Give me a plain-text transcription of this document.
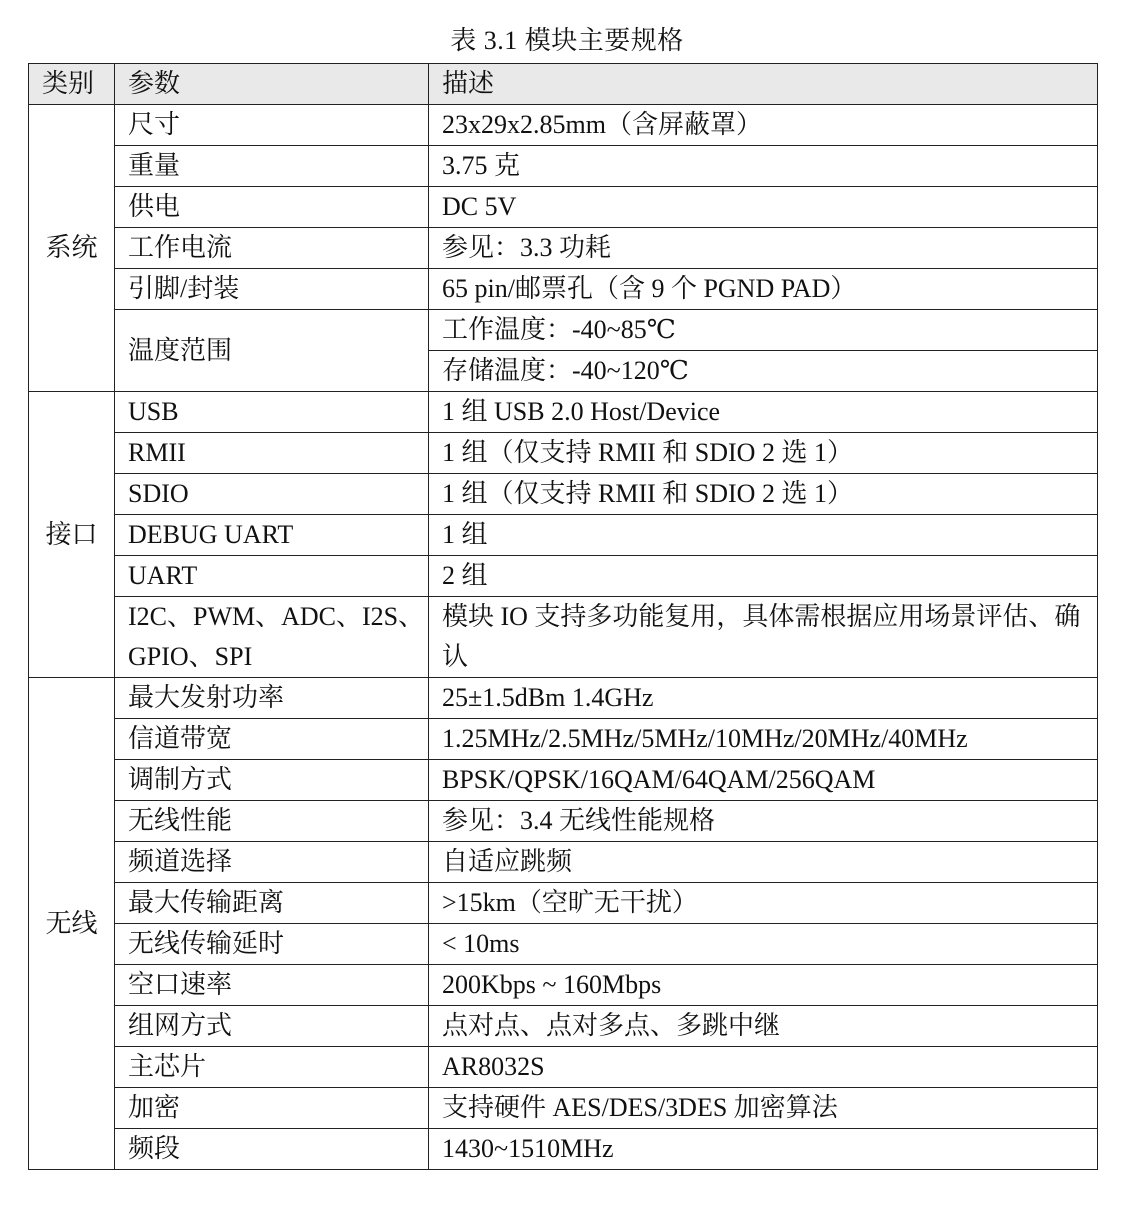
表 3.1 模块主要规格
类别	参数	描述
系统	尺寸	23x29x2.85mm（含屏蔽罩）
	重量	3.75 克
	供电	DC 5V
	工作电流	参见：3.3 功耗
	引脚/封装	65 pin/邮票孔（含 9 个 PGND PAD）
	温度范围	工作温度：-40~85℃
		存储温度：-40~120℃
接口	USB	1 组 USB 2.0 Host/Device
	RMII	1 组（仅支持 RMII 和 SDIO 2 选 1）
	SDIO	1 组（仅支持 RMII 和 SDIO 2 选 1）
	DEBUG UART	1 组
	UART	2 组
	I2C、PWM、ADC、I2S、GPIO、SPI	模块 IO 支持多功能复用，具体需根据应用场景评估、确认
无线	最大发射功率	25±1.5dBm 1.4GHz
	信道带宽	1.25MHz/2.5MHz/5MHz/10MHz/20MHz/40MHz
	调制方式	BPSK/QPSK/16QAM/64QAM/256QAM
	无线性能	参见：3.4 无线性能规格
	频道选择	自适应跳频
	最大传输距离	>15km（空旷无干扰）
	无线传输延时	< 10ms
	空口速率	200Kbps ~ 160Mbps
	组网方式	点对点、点对多点、多跳中继
	主芯片	AR8032S
	加密	支持硬件 AES/DES/3DES 加密算法
	频段	1430~1510MHz
